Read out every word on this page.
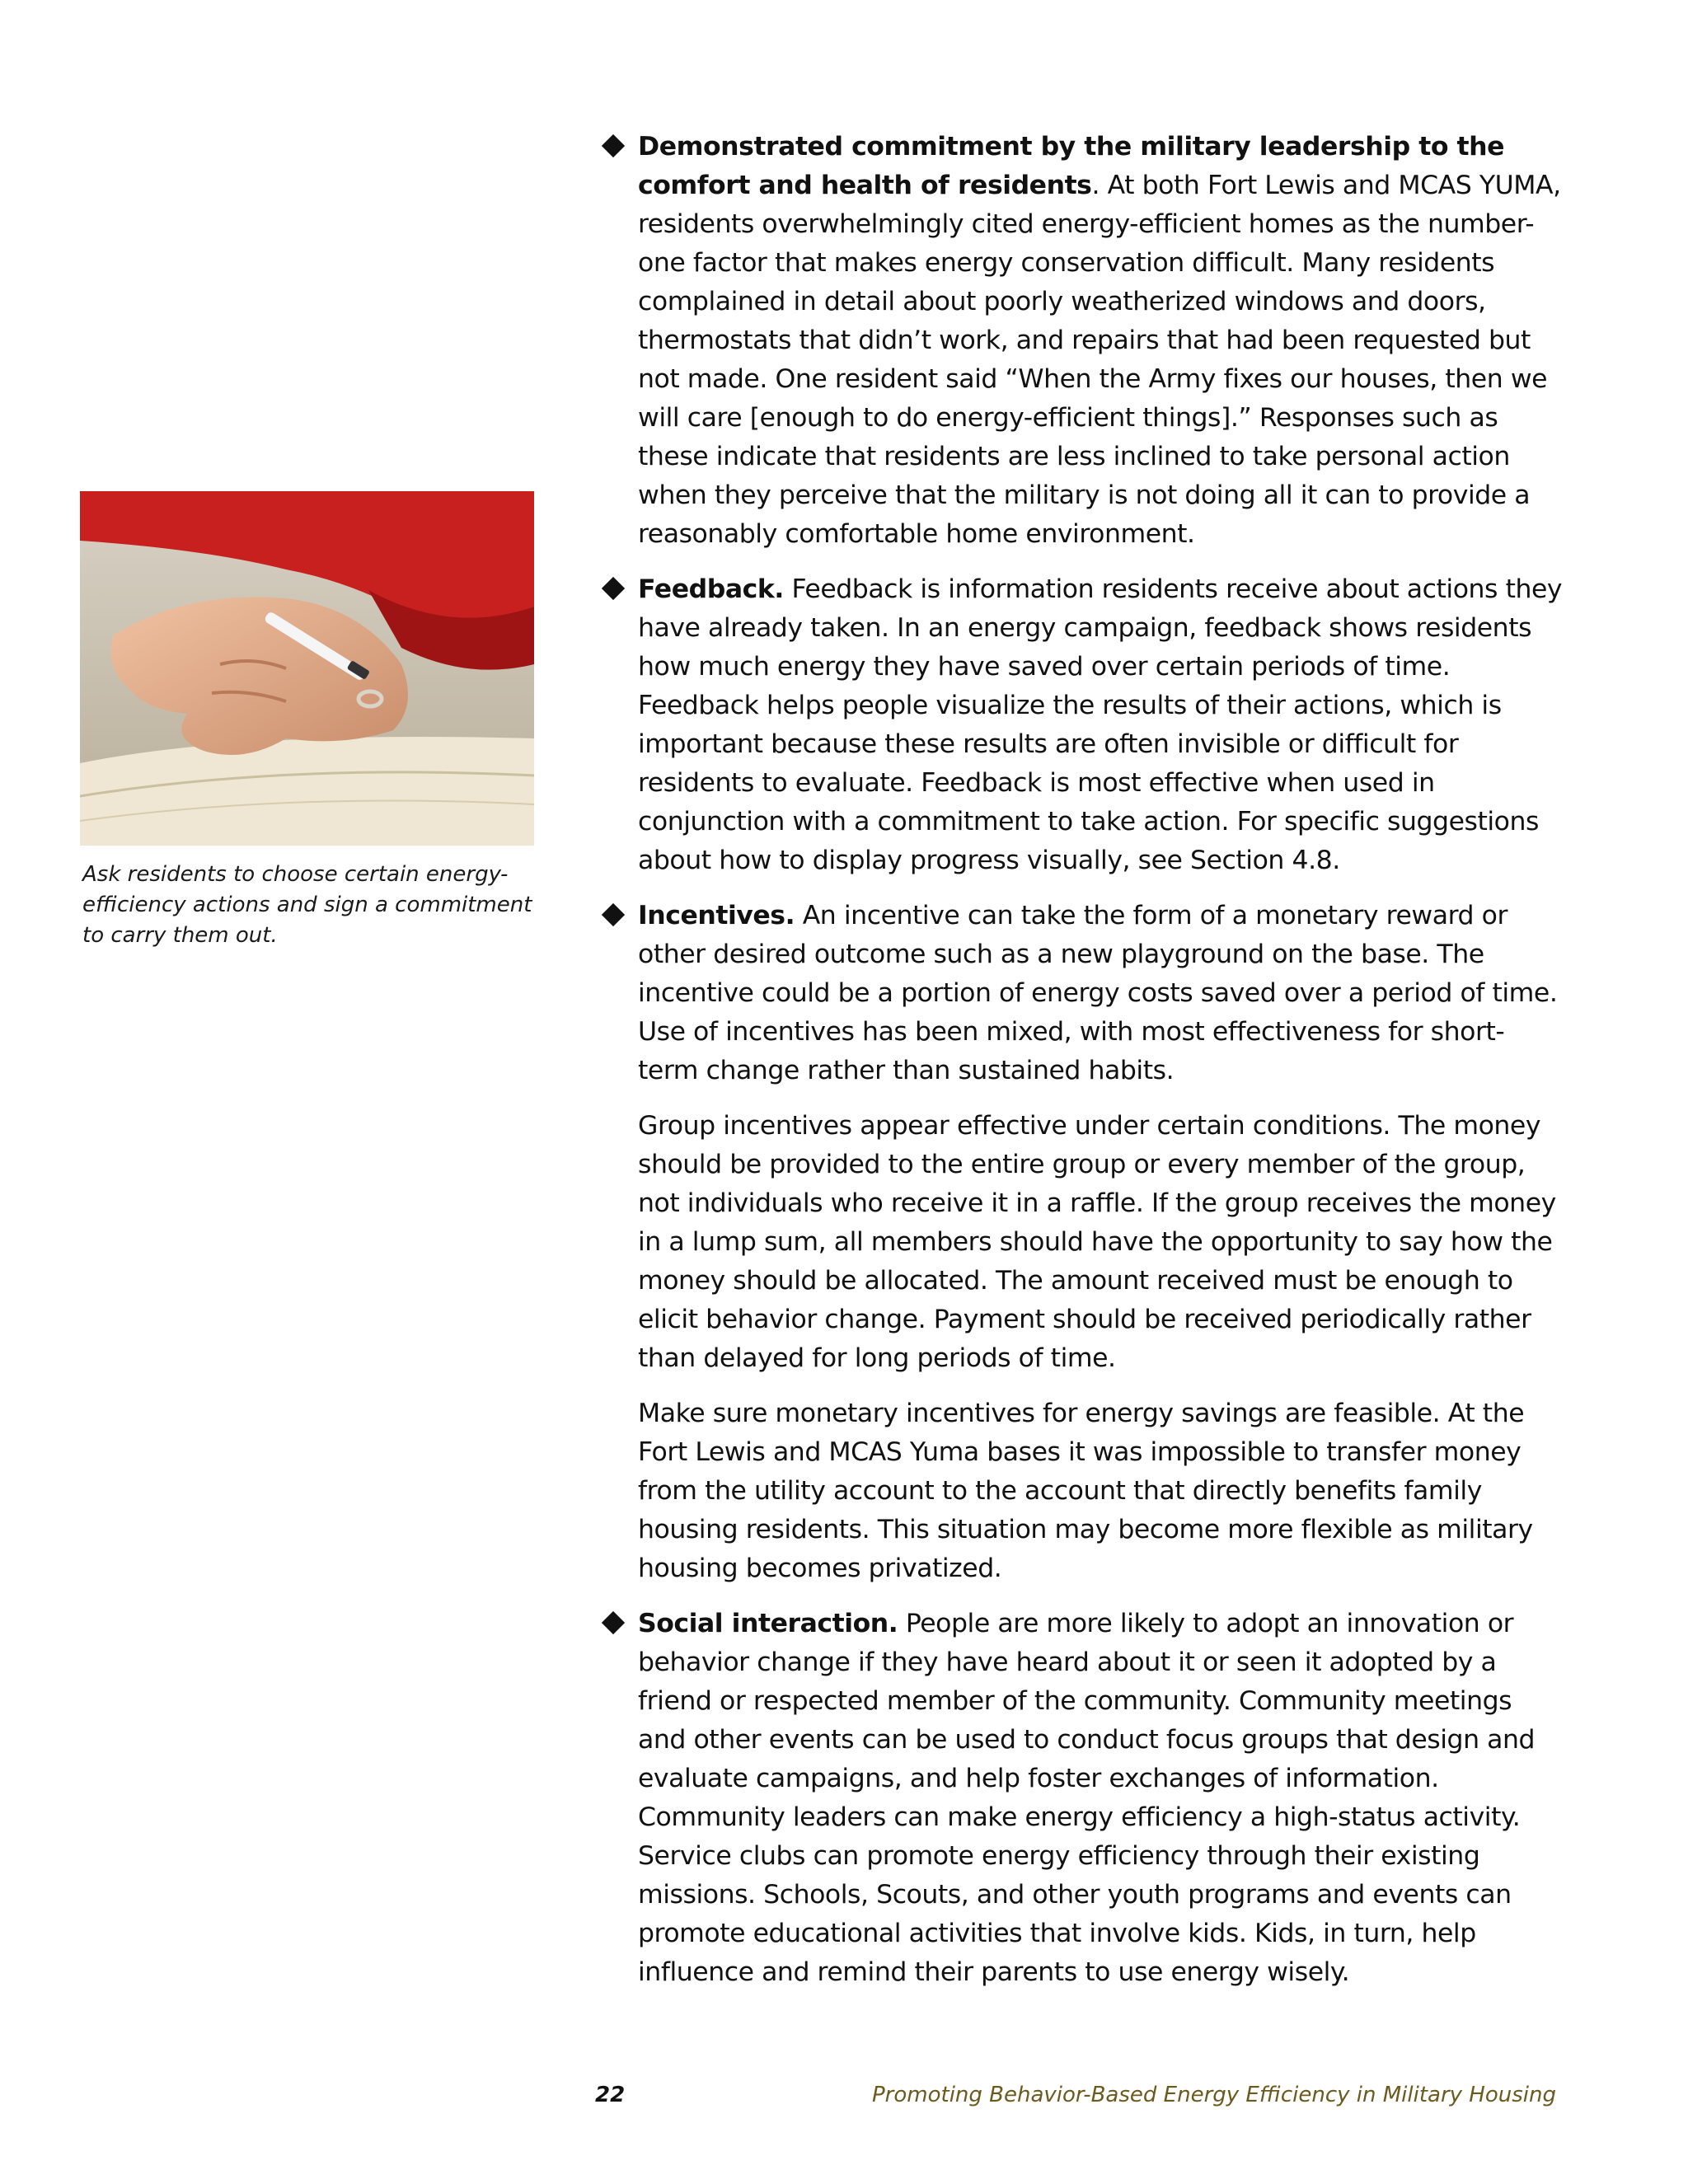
Ask residents to choose certain energy-efficiency actions and sign a commitment to carry them out.

Demonstrated commitment by the military leadership to the comfort and health of residents. At both Fort Lewis and MCAS YUMA, residents overwhelmingly cited energy-efficient homes as the number-one factor that makes energy conservation difficult. Many residents complained in detail about poorly weatherized windows and doors, thermostats that didn’t work, and repairs that had been requested but not made. One resident said “When the Army fixes our houses, then we will care [enough to do energy-efficient things].” Responses such as these indicate that residents are less inclined to take personal action when they perceive that the military is not doing all it can to provide a reasonably comfortable home environment.

Feedback. Feedback is information residents receive about actions they have already taken. In an energy campaign, feedback shows residents how much energy they have saved over certain periods of time. Feedback helps people visualize the results of their actions, which is important because these results are often invisible or difficult for residents to evaluate. Feedback is most effective when used in conjunction with a commitment to take action. For specific suggestions about how to display progress visually, see Section 4.8.

Incentives. An incentive can take the form of a monetary reward or other desired outcome such as a new playground on the base. The incentive could be a portion of energy costs saved over a period of time. Use of incentives has been mixed, with most effectiveness for short-term change rather than sustained habits.

Group incentives appear effective under certain conditions. The money should be provided to the entire group or every member of the group, not individuals who receive it in a raffle. If the group receives the money in a lump sum, all members should have the opportunity to say how the money should be allocated. The amount received must be enough to elicit behavior change. Payment should be received periodically rather than delayed for long periods of time.

Make sure monetary incentives for energy savings are feasible. At the Fort Lewis and MCAS Yuma bases it was impossible to transfer money from the utility account to the account that directly benefits family housing residents. This situation may become more flexible as military housing becomes privatized.

Social interaction. People are more likely to adopt an innovation or behavior change if they have heard about it or seen it adopted by a friend or respected member of the community. Community meetings and other events can be used to conduct focus groups that design and evaluate campaigns, and help foster exchanges of information. Community leaders can make energy efficiency a high-status activity. Service clubs can promote energy efficiency through their existing missions. Schools, Scouts, and other youth programs and events can promote educational activities that involve kids. Kids, in turn, help influence and remind their parents to use energy wisely.

22	Promoting Behavior-Based Energy Efficiency in Military Housing
